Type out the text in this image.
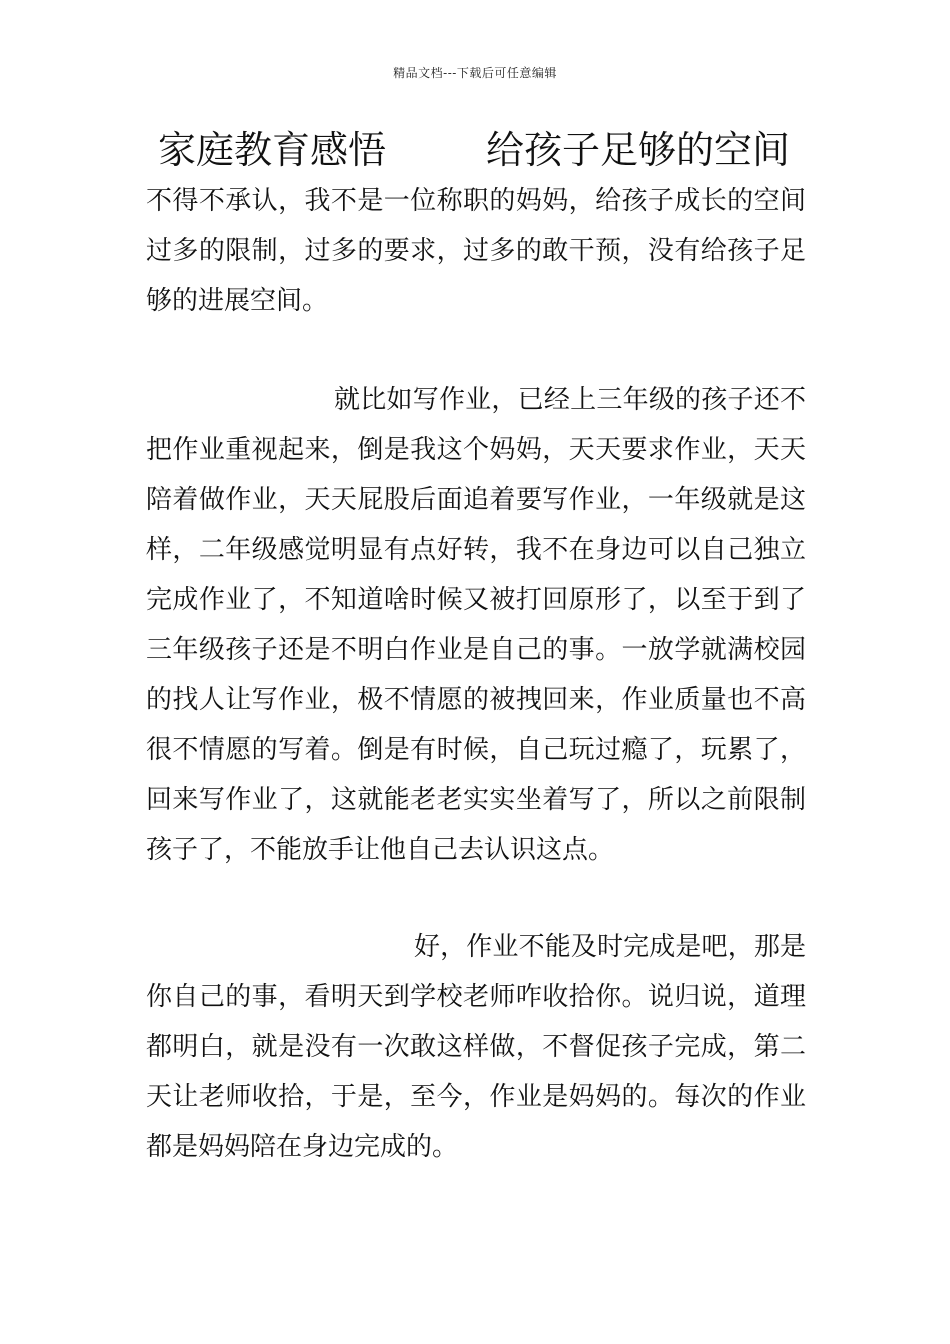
精品文档---下载后可任意编辑
家庭教育感悟	给孩子足够的空间

不得不承认，我不是一位称职的妈妈，给孩子成长的空间过多的限制，过多的要求，过多的敢干预，没有给孩子足够的进展空间。

就比如写作业，已经上三年级的孩子还不把作业重视起来，倒是我这个妈妈，天天要求作业，天天陪着做作业，天天屁股后面追着要写作业，一年级就是这样，二年级感觉明显有点好转，我不在身边可以自己独立完成作业了，不知道啥时候又被打回原形了，以至于到了三年级孩子还是不明白作业是自己的事。一放学就满校园的找人让写作业，极不情愿的被拽回来，作业质量也不高很不情愿的写着。倒是有时候，自己玩过瘾了，玩累了，回来写作业了，这就能老老实实坐着写了，所以之前限制孩子了，不能放手让他自己去认识这点。

好，作业不能及时完成是吧，那是你自己的事，看明天到学校老师咋收拾你。说归说，道理都明白，就是没有一次敢这样做，不督促孩子完成，第二天让老师收拾，于是，至今，作业是妈妈的。每次的作业都是妈妈陪在身边完成的。
